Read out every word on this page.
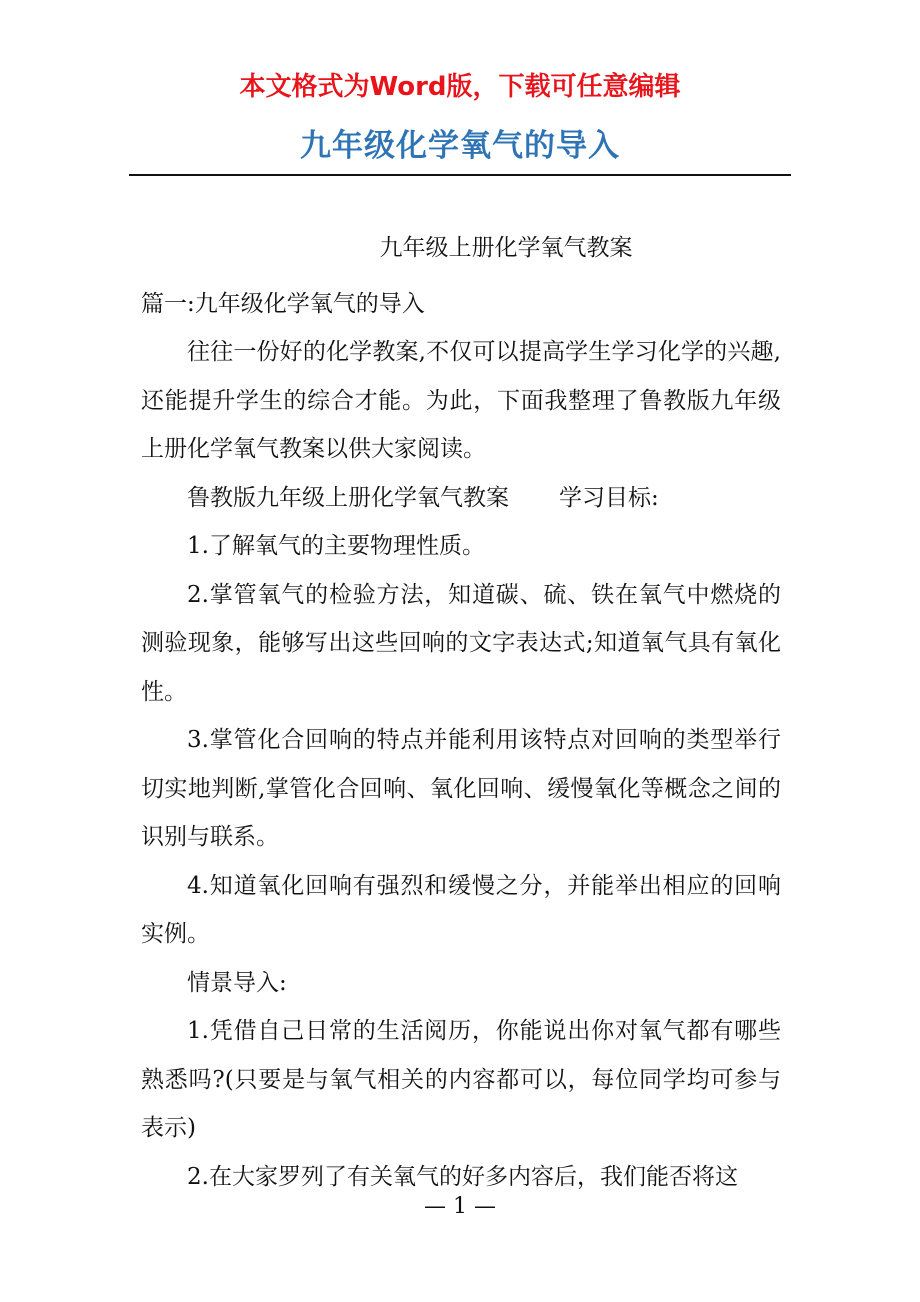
本文格式为Word版，下载可任意编辑
九年级化学氧气的导入

九年级上册化学氧气教案

篇一:九年级化学氧气的导入

往往一份好的化学教案,不仅可以提高学生学习化学的兴趣,还能提升学生的综合才能。为此，下面我整理了鲁教版九年级上册化学氧气教案以供大家阅读。

鲁教版九年级上册化学氧气教案 学习目标:

1.了解氧气的主要物理性质。

2.掌管氧气的检验方法，知道碳、硫、铁在氧气中燃烧的测验现象，能够写出这些回响的文字表达式;知道氧气具有氧化性。

3.掌管化合回响的特点并能利用该特点对回响的类型举行切实地判断,掌管化合回响、氧化回响、缓慢氧化等概念之间的识别与联系。

4.知道氧化回响有强烈和缓慢之分，并能举出相应的回响实例。

情景导入:

1.凭借自己日常的生活阅历，你能说出你对氧气都有哪些熟悉吗?(只要是与氧气相关的内容都可以，每位同学均可参与表示)

2.在大家罗列了有关氧气的好多内容后，我们能否将这

— 1 —
